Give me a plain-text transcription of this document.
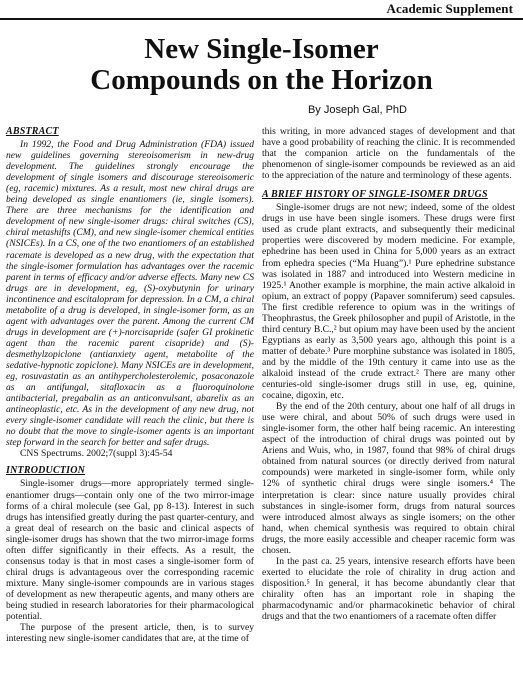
Academic Supplement
New Single-Isomer
Compounds on the Horizon
By Joseph Gal, PhD
ABSTRACT

In 1992, the Food and Drug Administration (FDA) issued new guidelines governing stereoisomerism in new-drug development. The guidelines strongly encourage the development of single isomers and discourage stereoisomeric (eg, racemic) mixtures. As a result, most new chiral drugs are being developed as single enantiomers (ie, single isomers). There are three mechanisms for the identification and development of new single-isomer drugs: chiral switches (CS), chiral metashifts (CM), and new single-isomer chemical entities (NSICEs). In a CS, one of the two enantiomers of an established racemate is developed as a new drug, with the expectation that the single-isomer formulation has advantages over the racemic parent in terms of efficacy and/or adverse effects. Many new CS drugs are in development, eg, (S)-oxybutynin for urinary incontinence and escitalopram for depression. In a CM, a chiral metabolite of a drug is developed, in single-isomer form, as an agent with advantages over the parent. Among the current CM drugs in development are (+)-norcisapride (safer GI prokinetic agent than the racemic parent cisapride) and (S)-desmethylzopiclone (antianxiety agent, metabolite of the sedative-hypnotic zopiclone). Many NSICEs are in development, eg, rosuvastatin as an antihypercholesterolemic, posaconazole as an antifungal, sitafloxacin as a fluoroquinolone antibacterial, pregabalin as an anticonvulsant, abarelix as an antineoplastic, etc. As in the development of any new drug, not every single-isomer candidate will reach the clinic, but there is no doubt that the move to single-isomer agents is an important step forward in the search for better and safer drugs.

CNS Spectrums. 2002;7(suppl 3):45-54

INTRODUCTION

Single-isomer drugs—more appropriately termed single-enantiomer drugs—contain only one of the two mirror-image forms of a chiral molecule (see Gal, pp 8-13). Interest in such drugs has intensified greatly during the past quarter-century, and a great deal of research on the basic and clinical aspects of single-isomer drugs has shown that the two mirror-image forms often differ significantly in their effects. As a result, the consensus today is that in most cases a single-isomer form of chiral drugs is advantageous over the corresponding racemic mixture. Many single-isomer compounds are in various stages of development as new therapeutic agents, and many others are being studied in research laboratories for their pharmacological potential.

The purpose of the present article, then, is to survey interesting new single-isomer candidates that are, at the time of

this writing, in more advanced stages of development and that have a good probability of reaching the clinic. It is recommended that the companion article on the fundamentals of the phenomenon of single-isomer compounds be reviewed as an aid to the appreciation of the nature and terminology of these agents.

A BRIEF HISTORY OF SINGLE-ISOMER DRUGS

Single-isomer drugs are not new; indeed, some of the oldest drugs in use have been single isomers. These drugs were first used as crude plant extracts, and subsequently their medicinal properties were discovered by modern medicine. For example, ephedrine has been used in China for 5,000 years as an extract from ephedra species (“Ma Huang”).¹ Pure ephedrine substance was isolated in 1887 and introduced into Western medicine in 1925.¹ Another example is morphine, the main active alkaloid in opium, an extract of poppy (Papaver somniferum) seed capsules. The first credible reference to opium was in the writings of Theophrastus, the Greek philosopher and pupil of Aristotle, in the third century B.C.,² but opium may have been used by the ancient Egyptians as early as 3,500 years ago, although this point is a matter of debate.³ Pure morphine substance was isolated in 1805, and by the middle of the 19th century it came into use as the alkaloid instead of the crude extract.² There are many other centuries-old single-isomer drugs still in use, eg, quinine, cocaine, digoxin, etc.

By the end of the 20th century, about one half of all drugs in use were chiral, and about 50% of such drugs were used in single-isomer form, the other half being racemic. An interesting aspect of the introduction of chiral drugs was pointed out by Ariens and Wuis, who, in 1987, found that 98% of chiral drugs obtained from natural sources (or directly derived from natural compounds) were marketed in single-isomer form, while only 12% of synthetic chiral drugs were single isomers.⁴ The interpretation is clear: since nature usually provides chiral substances in single-isomer form, drugs from natural sources were introduced almost always as single isomers; on the other hand, when chemical synthesis was required to obtain chiral drugs, the more easily accessible and cheaper racemic form was chosen.

In the past ca. 25 years, intensive research efforts have been exerted to elucidate the role of chirality in drug action and disposition.⁵ In general, it has become abundantly clear that chirality often has an important role in shaping the pharmacodynamic and/or pharmacokinetic behavior of chiral drugs and that the two enantiomers of a racemate often differ
